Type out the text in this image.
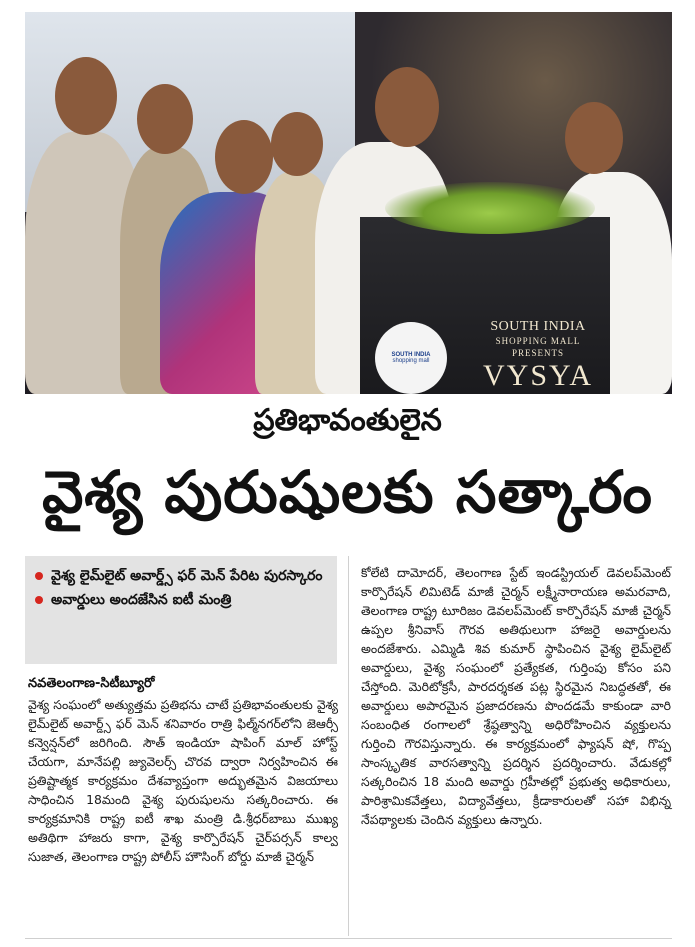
SOUTH INDIA
shopping mall
SOUTH INDIA
SHOPPING MALL
PRESENTS
VYSYA
ప్రతిభావంతులైన
వైశ్య పురుషులకు సత్కారం
వైశ్య లైమ్‌లైట్ అవార్డ్స్ ఫర్ మెన్ పేరిట పురస్కారం
అవార్డులు అందజేసిన ఐటీ మంత్రి
నవతెలంగాణ-సిటీబ్యూరో

వైశ్య సంఘంలో అత్యుత్తమ ప్రతిభను చాటే ప్రతిభావంతులకు వైశ్య లైమ్‌లైట్ అవార్డ్స్ ఫర్ మెన్ శనివారం రాత్రి ఫిల్మ్‌నగర్‌లోని జెఆర్సీ కన్వెన్షన్‌లో జరిగింది. సౌత్ ఇండియా షాపింగ్ మాల్ హోస్ట్ చేయగా, మానేపల్లి జ్యువెలర్స్ చొరవ ద్వారా నిర్వహించిన ఈ ప్రతిష్టాత్మక కార్యక్రమం దేశవ్యాప్తంగా అద్భుతమైన విజయాలు సాధించిన 18మంది వైశ్య పురుషులను సత్కరించారు. ఈ కార్యక్రమానికి రాష్ట్ర ఐటీ శాఖ మంత్రి డి.శ్రీధర్‌బాబు ముఖ్య అతిథిగా హాజరు కాగా, వైశ్య కార్పొరేషన్ చైర్‌పర్సన్ కాల్వ సుజాత, తెలంగాణ రాష్ట్ర పోలీస్ హౌసింగ్ బోర్డు మాజీ చైర్మన్

కోలేటి దామోదర్, తెలంగాణ స్టేట్ ఇండస్ట్రియల్ డెవలప్‌మెంట్ కార్పొరేషన్ లిమిటెడ్ మాజీ చైర్మన్ లక్ష్మీనారాయణ అమరవాది, తెలంగాణ రాష్ట్ర టూరిజం డెవలప్‌మెంట్ కార్పొరేషన్ మాజీ చైర్మన్ ఉప్పల శ్రీనివాస్ గౌరవ అతిథులుగా హాజరై అవార్డులను అందజేశారు. ఎమ్మిడి శివ కుమార్ స్థాపించిన వైశ్య లైమ్‌లైట్ అవార్డులు, వైశ్య సంఘంలో ప్రత్యేకత, గుర్తింపు కోసం పని చేస్తోంది. మెరిటోక్రసీ, పారదర్శకత పట్ల స్థిరమైన నిబద్ధతతో, ఈ అవార్డులు అపారమైన ప్రజాదరణను పొందడమే కాకుండా వారి సంబంధిత రంగాలలో శ్రేష్ఠత్వాన్ని అధిరోహించిన వ్యక్తులను గుర్తించి గౌరవిస్తున్నారు. ఈ కార్యక్రమంలో ఫ్యాషన్ షో, గొప్ప సాంస్కృతిక వారసత్వాన్ని ప్రదర్శిన ప్రదర్శించారు. వేడుకల్లో సత్కరించిన 18 మంది అవార్డు గ్రహీతల్లో ప్రభుత్వ అధికారులు, పారిశ్రామికవేత్తలు, విద్యావేత్తలు, క్రీడాకారులతో సహా విభిన్న నేపథ్యాలకు చెందిన వ్యక్తులు ఉన్నారు.
